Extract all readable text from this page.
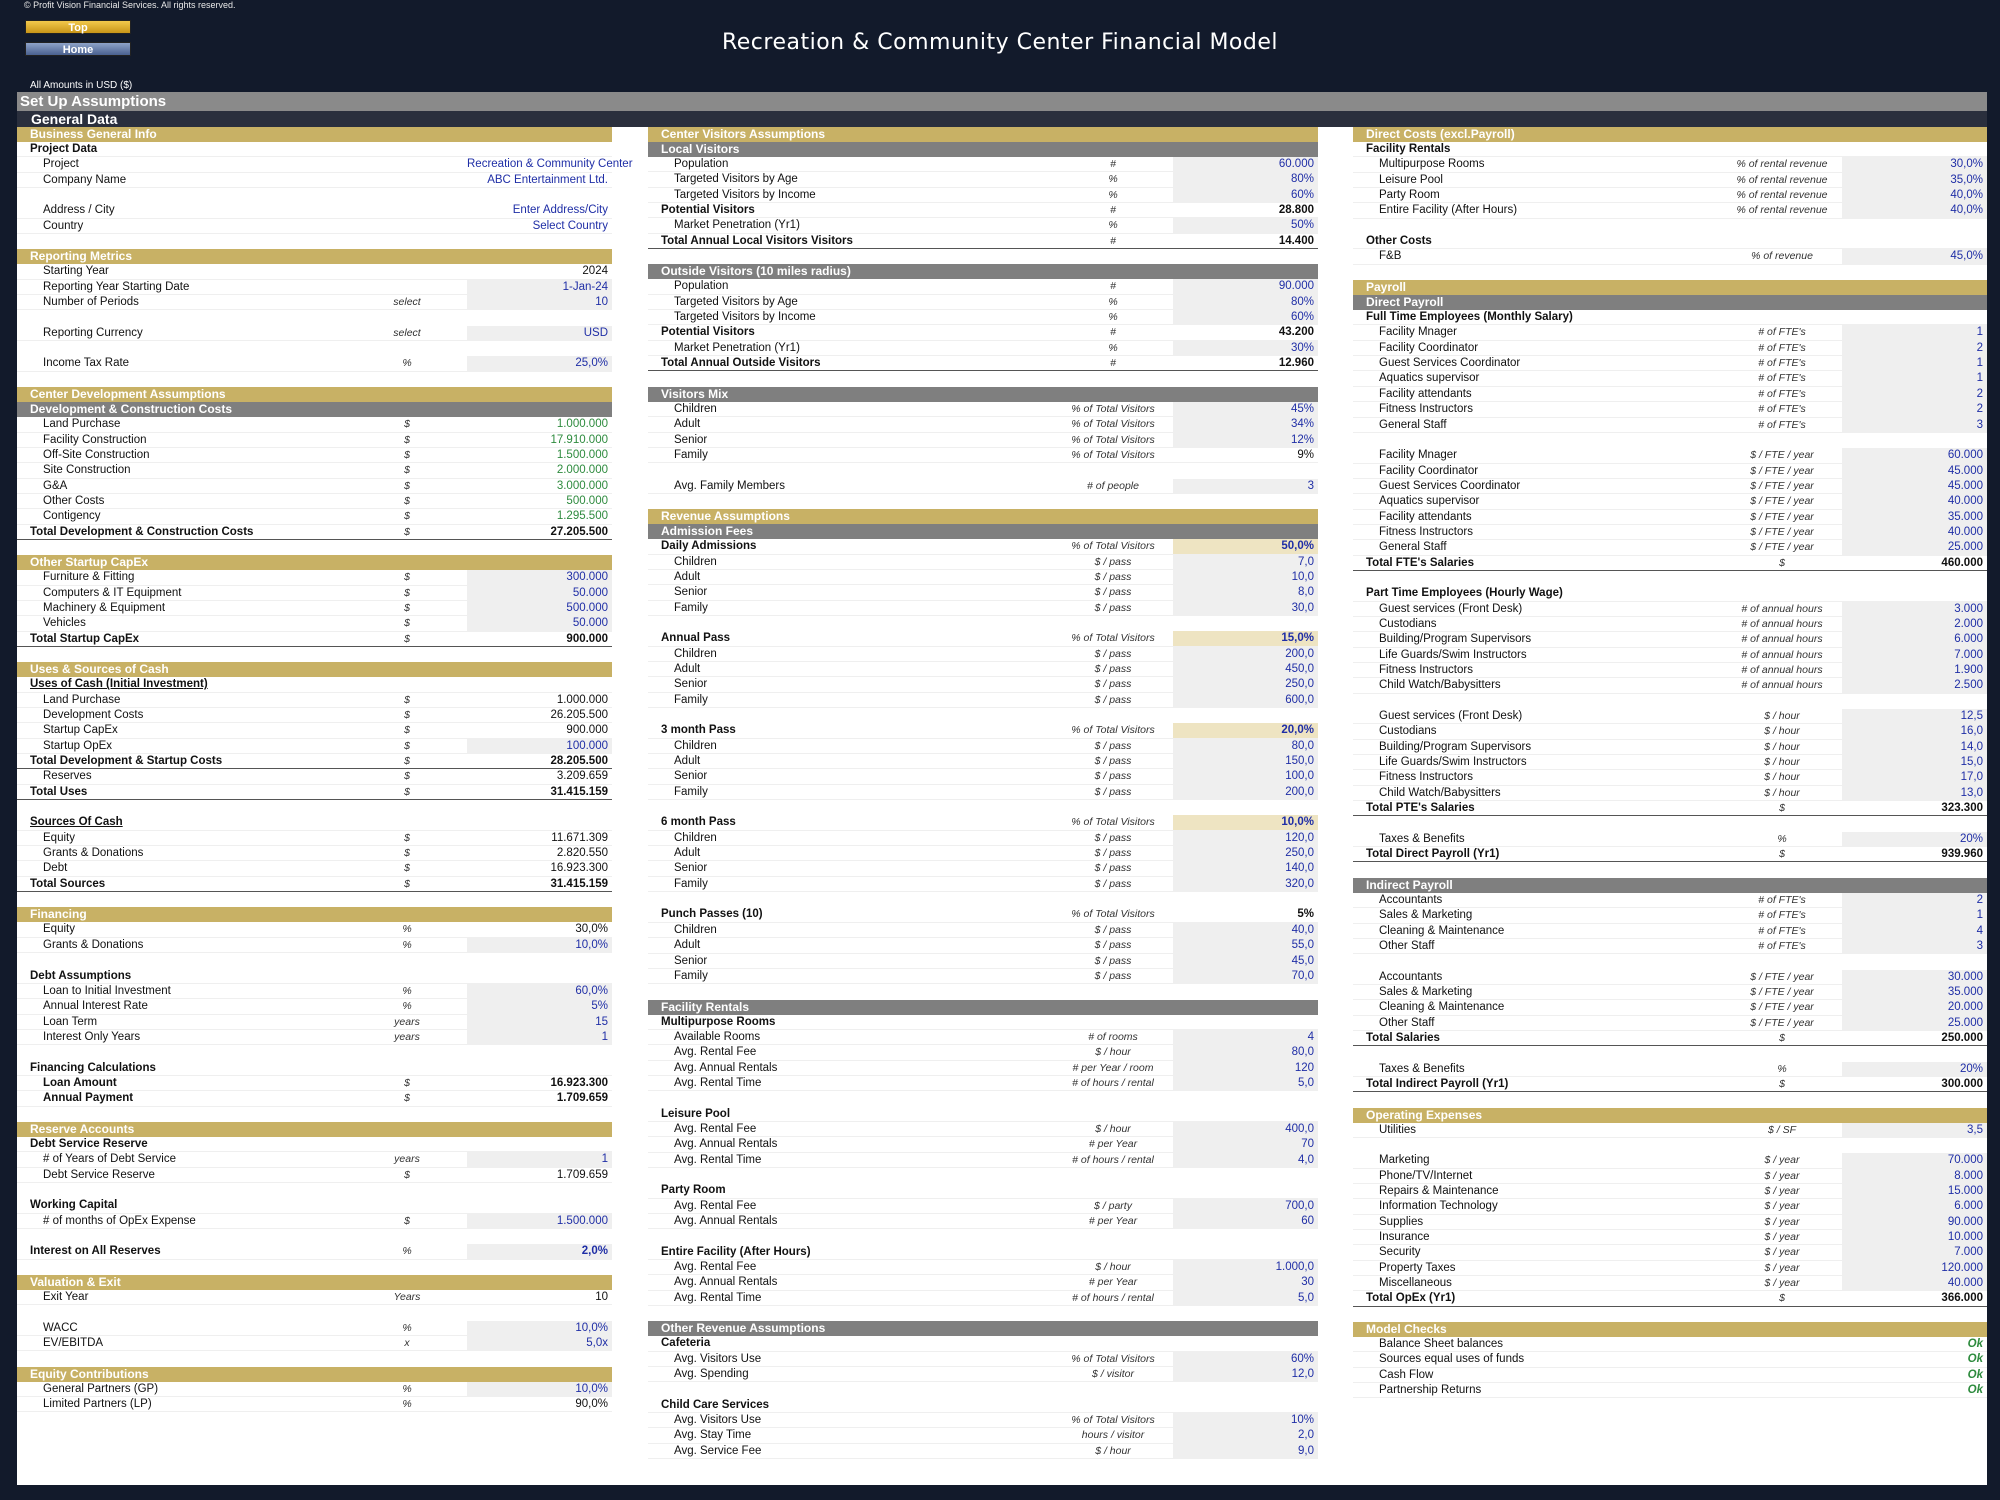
© Profit Vision Financial Services. All rights reserved.
Top
Home	Recreation & Community Center Financial Model
All Amounts in USD ($)
Set Up Assumptions
General Data
Business General Info
Project Data
Project	Recreation & Community Center
Company Name	ABC Entertainment Ltd.
Address / City	Enter Address/City
Country	Select Country
Reporting Metrics
Starting Year	2024
Reporting Year Starting Date	1-Jan-24
Number of Periods	select	10
Reporting Currency	select	USD
Income Tax Rate	%	25,0%
Center Development Assumptions
Development & Construction Costs
Land Purchase	$	1.000.000
Facility Construction	$	17.910.000
Off-Site Construction	$	1.500.000
Site Construction	$	2.000.000
G&A	$	3.000.000
Other Costs	$	500.000
Contigency	$	1.295.500
Total Development & Construction Costs	$	27.205.500
Other Startup CapEx
Furniture & Fitting	$	300.000
Computers & IT Equipment	$	50.000
Machinery & Equipment	$	500.000
Vehicles	$	50.000
Total Startup CapEx	$	900.000
Uses & Sources of Cash
Uses of Cash (Initial Investment)
Land Purchase	$	1.000.000
Development Costs	$	26.205.500
Startup CapEx	$	900.000
Startup OpEx	$	100.000
Total Development & Startup Costs	$	28.205.500
Reserves	$	3.209.659
Total Uses	$	31.415.159
Sources Of Cash
Equity	$	11.671.309
Grants & Donations	$	2.820.550
Debt	$	16.923.300
Total Sources	$	31.415.159
Financing
Equity	%	30,0%
Grants & Donations	%	10,0%
Debt Assumptions
Loan to Initial Investment	%	60,0%
Annual Interest Rate	%	5%
Loan Term	years	15
Interest Only Years	years	1
Financing Calculations
Loan Amount	$	16.923.300
Annual Payment	$	1.709.659
Reserve Accounts
Debt Service Reserve
# of Years of Debt Service	years	1
Debt Service Reserve	$	1.709.659
Working Capital
# of months of OpEx Expense	$	1.500.000
Interest on All Reserves	%	2,0%
Valuation & Exit
Exit Year	Years	10
WACC	%	10,0%
EV/EBITDA	x	5,0x
Equity Contributions
General Partners (GP)	%	10,0%
Limited Partners (LP)	%	90,0%
Center Visitors Assumptions
Local Visitors
Population	#	60.000
Targeted Visitors by Age	%	80%
Targeted Visitors by Income	%	60%
Potential Visitors	#	28.800
Market Penetration (Yr1)	%	50%
Total Annual Local Visitors Visitors	#	14.400
Outside Visitors (10 miles radius)
Population	#	90.000
Targeted Visitors by Age	%	80%
Targeted Visitors by Income	%	60%
Potential Visitors	#	43.200
Market Penetration (Yr1)	%	30%
Total Annual Outside Visitors	#	12.960
Visitors Mix
Children	% of Total Visitors	45%
Adult	% of Total Visitors	34%
Senior	% of Total Visitors	12%
Family	% of Total Visitors	9%
Avg. Family Members	# of people	3
Revenue Assumptions
Admission Fees
Daily Admissions	% of Total Visitors	50,0%
Children	$ / pass	7,0
Adult	$ / pass	10,0
Senior	$ / pass	8,0
Family	$ / pass	30,0
Annual Pass	% of Total Visitors	15,0%
Children	$ / pass	200,0
Adult	$ / pass	450,0
Senior	$ / pass	250,0
Family	$ / pass	600,0
3 month Pass	% of Total Visitors	20,0%
Children	$ / pass	80,0
Adult	$ / pass	150,0
Senior	$ / pass	100,0
Family	$ / pass	200,0
6 month Pass	% of Total Visitors	10,0%
Children	$ / pass	120,0
Adult	$ / pass	250,0
Senior	$ / pass	140,0
Family	$ / pass	320,0
Punch Passes (10)	% of Total Visitors	5%
Children	$ / pass	40,0
Adult	$ / pass	55,0
Senior	$ / pass	45,0
Family	$ / pass	70,0
Facility Rentals
Multipurpose Rooms
Available Rooms	# of rooms	4
Avg. Rental Fee	$ / hour	80,0
Avg. Annual Rentals	# per Year / room	120
Avg. Rental Time	# of hours / rental	5,0
Leisure Pool
Avg. Rental Fee	$ / hour	400,0
Avg. Annual Rentals	# per Year	70
Avg. Rental Time	# of hours / rental	4,0
Party Room
Avg. Rental Fee	$ / party	700,0
Avg. Annual Rentals	# per Year	60
Entire Facility (After Hours)
Avg. Rental Fee	$ / hour	1.000,0
Avg. Annual Rentals	# per Year	30
Avg. Rental Time	# of hours / rental	5,0
Other Revenue Assumptions
Cafeteria
Avg. Visitors Use	% of Total Visitors	60%
Avg. Spending	$ / visitor	12,0
Child Care Services
Avg. Visitors Use	% of Total Visitors	10%
Avg. Stay Time	hours / visitor	2,0
Avg. Service Fee	$ / hour	9,0
Direct Costs (excl.Payroll)
Facility Rentals
Multipurpose Rooms	% of rental revenue	30,0%
Leisure Pool	% of rental revenue	35,0%
Party Room	% of rental revenue	40,0%
Entire Facility (After Hours)	% of rental revenue	40,0%
Other Costs
F&B	% of revenue	45,0%
Payroll
Direct Payroll
Full Time Employees (Monthly Salary)
Facility Mnager	# of FTE's	1
Facility Coordinator	# of FTE's	2
Guest Services Coordinator	# of FTE's	1
Aquatics supervisor	# of FTE's	1
Facility attendants	# of FTE's	2
Fitness Instructors	# of FTE's	2
General Staff	# of FTE's	3
Facility Mnager	$ / FTE / year	60.000
Facility Coordinator	$ / FTE / year	45.000
Guest Services Coordinator	$ / FTE / year	45.000
Aquatics supervisor	$ / FTE / year	40.000
Facility attendants	$ / FTE / year	35.000
Fitness Instructors	$ / FTE / year	40.000
General Staff	$ / FTE / year	25.000
Total FTE's Salaries	$	460.000
Part Time Employees (Hourly Wage)
Guest services (Front Desk)	# of annual hours	3.000
Custodians	# of annual hours	2.000
Building/Program Supervisors	# of annual hours	6.000
Life Guards/Swim Instructors	# of annual hours	7.000
Fitness Instructors	# of annual hours	1.900
Child Watch/Babysitters	# of annual hours	2.500
Guest services (Front Desk)	$ / hour	12,5
Custodians	$ / hour	16,0
Building/Program Supervisors	$ / hour	14,0
Life Guards/Swim Instructors	$ / hour	15,0
Fitness Instructors	$ / hour	17,0
Child Watch/Babysitters	$ / hour	13,0
Total PTE's Salaries	$	323.300
Taxes & Benefits	%	20%
Total Direct Payroll (Yr1)	$	939.960
Indirect Payroll
Accountants	# of FTE's	2
Sales & Marketing	# of FTE's	1
Cleaning & Maintenance	# of FTE's	4
Other Staff	# of FTE's	3
Accountants	$ / FTE / year	30.000
Sales & Marketing	$ / FTE / year	35.000
Cleaning & Maintenance	$ / FTE / year	20.000
Other Staff	$ / FTE / year	25.000
Total Salaries	$	250.000
Taxes & Benefits	%	20%
Total Indirect Payroll (Yr1)	$	300.000
Operating Expenses
Utilities	$ / SF	3,5
Marketing	$ / year	70.000
Phone/TV/Internet	$ / year	8.000
Repairs & Maintenance	$ / year	15.000
Information Technology	$ / year	6.000
Supplies	$ / year	90.000
Insurance	$ / year	10.000
Security	$ / year	7.000
Property Taxes	$ / year	120.000
Miscellaneous	$ / year	40.000
Total OpEx (Yr1)	$	366.000
Model Checks
Balance Sheet balances	Ok
Sources equal uses of funds	Ok
Cash Flow	Ok
Partnership Returns	Ok
